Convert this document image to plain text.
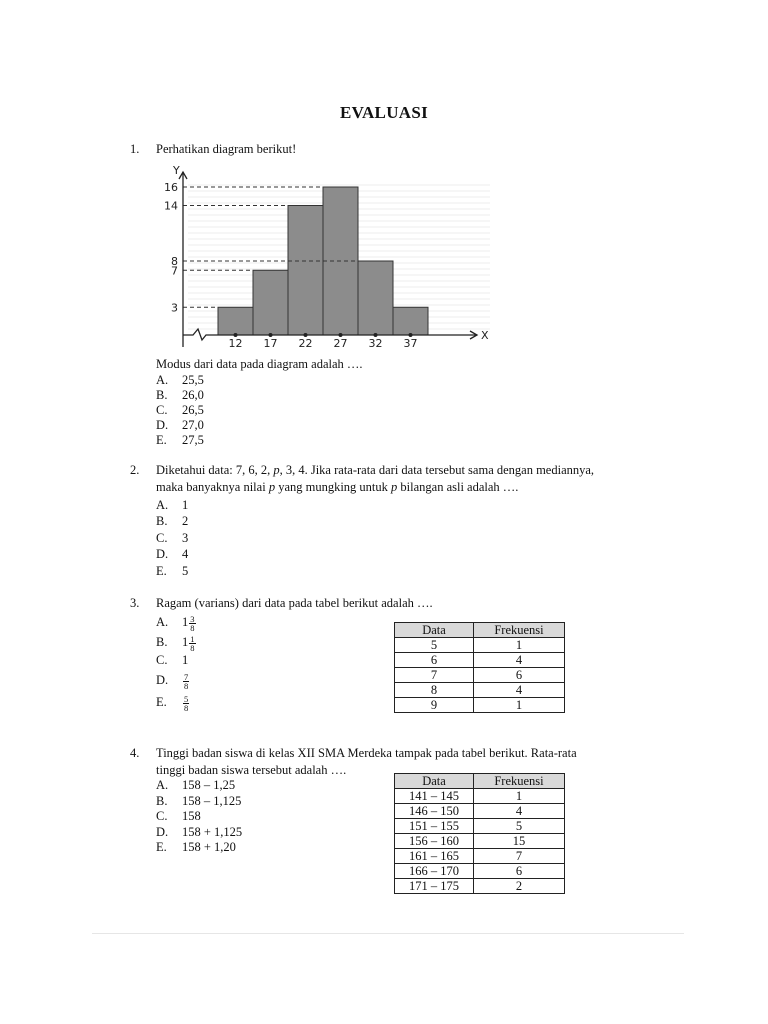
EVALUASI
1. Perhatikan diagram berikut!
3
7
8
14
16
Y
X
12 17 22 27 32 37
Modus dari data pada diagram adalah ….
A. 25,5
B. 26,0
C. 26,5
D. 27,0
E. 27,5
2. Diketahui data: 7, 6, 2, p, 3, 4. Jika rata-rata dari data tersebut sama dengan mediannya,
maka banyaknya nilai p yang mungking untuk p bilangan asli adalah ….
A. 1
B. 2
C. 3
D. 4
E. 5
3. Ragam (varians) dari data pada tabel berikut adalah ….
A. $1 \frac{3}{8}$
B. $1 \frac{1}{8}$
C. 1
D. $\frac{7}{8}$
E. $\frac{5}{8}$
Data	Frekuensi
5	1
6	4
7	6
8	4
9	1
4. Tinggi badan siswa di kelas XII SMA Merdeka tampak pada tabel berikut. Rata-rata
tinggi badan siswa tersebut adalah ….
A. 158 – 1,25
B. 158 – 1,125
C. 158
D. 158 + 1,125
E. 158 + 1,20
Data	Frekuensi
141 – 145	1
146 – 150	4
151 – 155	5
156 – 160	15
161 – 165	7
166 – 170	6
171 – 175	2
